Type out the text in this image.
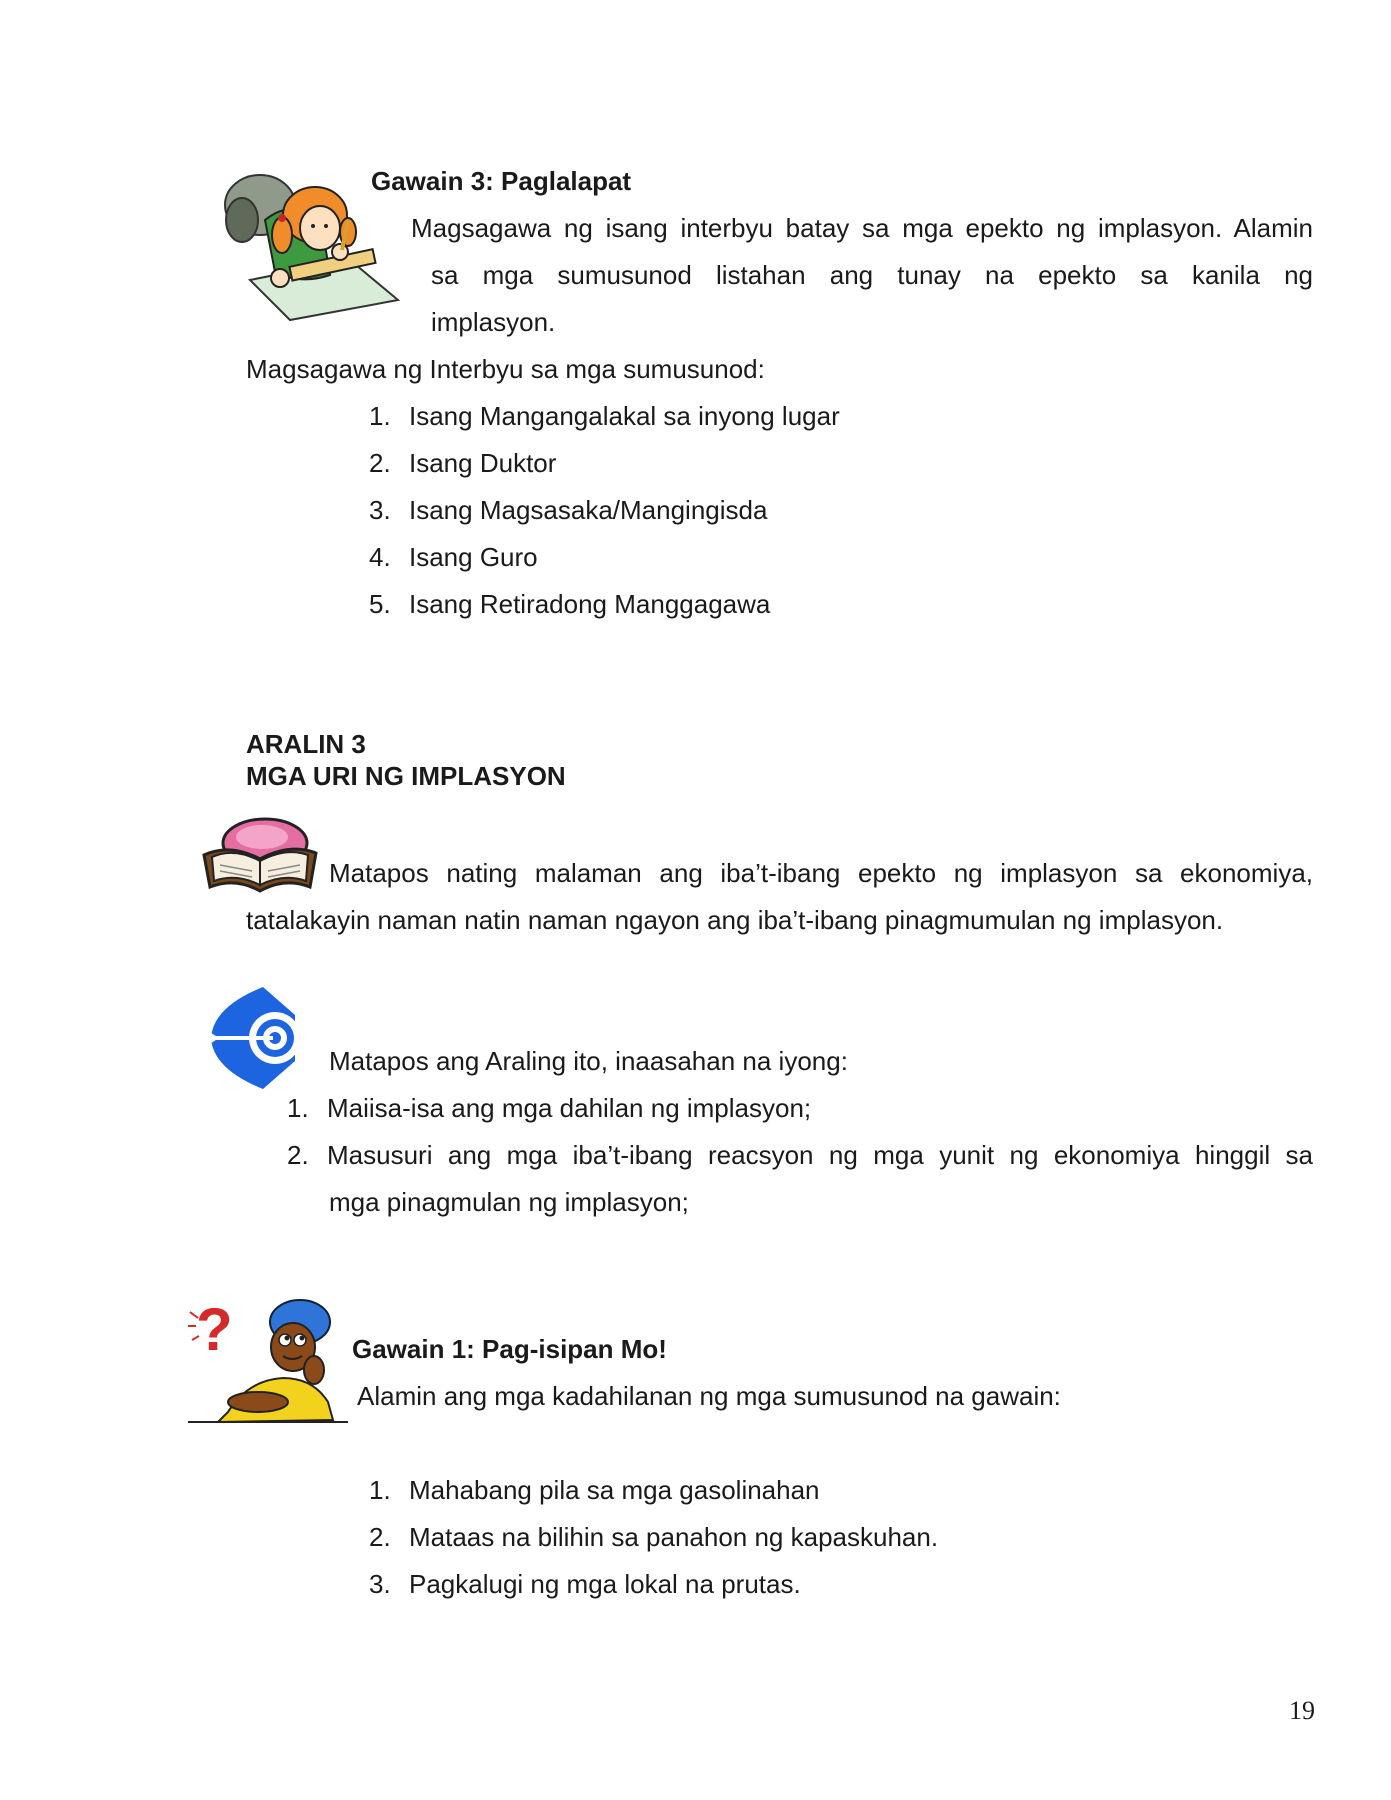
Gawain 3: Paglalapat
Magsagawa ng isang interbyu batay sa mga epekto ng implasyon. Alamin
sa mga sumusunod listahan ang tunay na epekto sa kanila ng
implasyon.
Magsagawa ng Interbyu sa mga sumusunod:
1. Isang Mangangalakal sa inyong lugar
2. Isang Duktor
3. Isang Magsasaka/Mangingisda
4. Isang Guro
5. Isang Retiradong Manggagawa
ARALIN 3
MGA URI NG IMPLASYON
Matapos nating malaman ang iba’t-ibang epekto ng implasyon sa ekonomiya,
tatalakayin naman natin naman ngayon ang iba’t-ibang pinagmumulan ng implasyon.
Matapos ang Araling ito, inaasahan na iyong:
1. Maiisa-isa ang mga dahilan ng implasyon;
2. Masusuri ang mga iba’t-ibang reacsyon ng mga yunit ng ekonomiya hinggil sa
mga pinagmulan ng implasyon;
?	Gawain 1: Pag-isipan Mo!
Alamin ang mga kadahilanan ng mga sumusunod na gawain:
1. Mahabang pila sa mga gasolinahan
2. Mataas na bilihin sa panahon ng kapaskuhan.
3. Pagkalugi ng mga lokal na prutas.
19
